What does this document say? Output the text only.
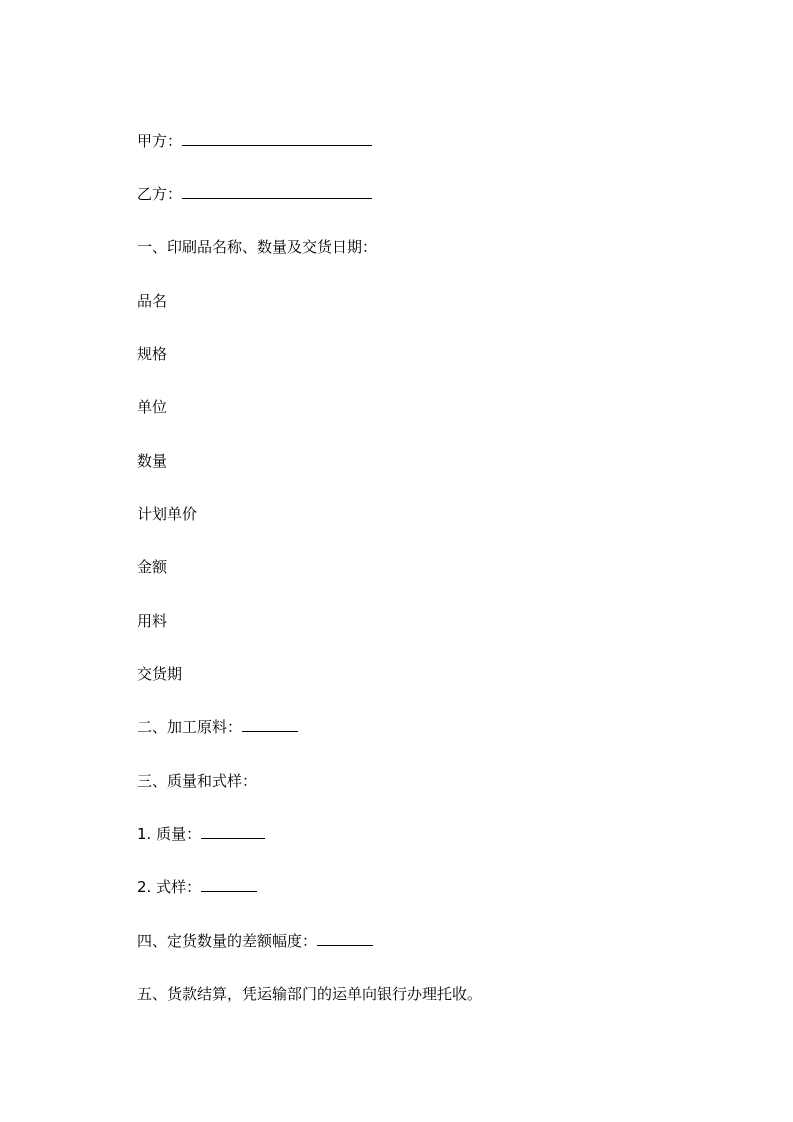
甲方：
乙方：
一、印刷品名称、数量及交货日期：
品名
规格
单位
数量
计划单价
金额
用料
交货期
二、加工原料：
三、质量和式样：
1. 质量：
2. 式样：
四、定货数量的差额幅度：
五、货款结算，凭运输部门的运单向银行办理托收。
